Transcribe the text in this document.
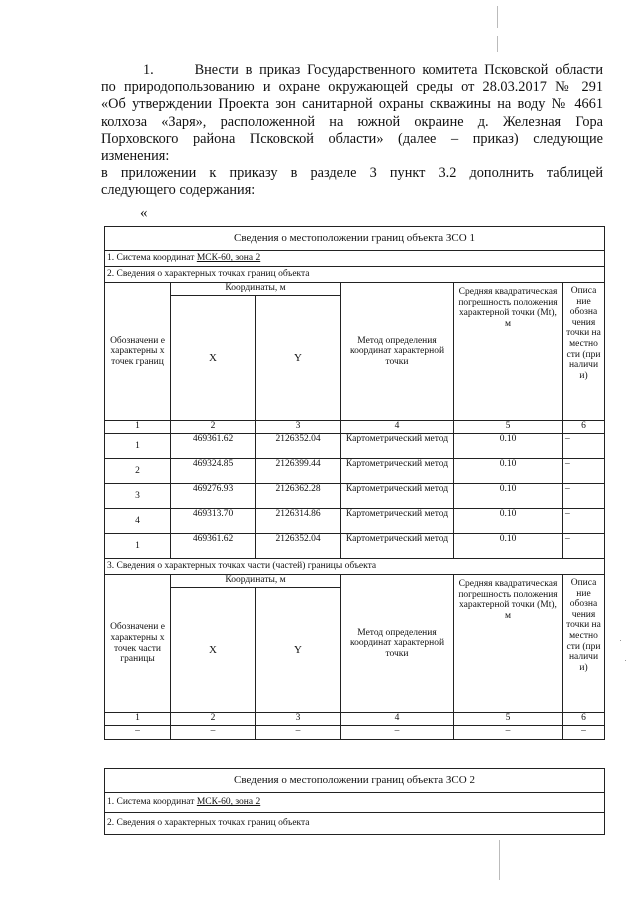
1.	Внести в приказ Государственного комитета Псковской области

по природопользованию и охране окружающей среды от 28.03.2017 № 291

«Об утверждении Проекта зон санитарной охраны скважины на воду № 4661

колхоза «Заря», расположенной на южной окраине д. Железная Гора

Порховского района Псковской области» (далее – приказ) следующие

изменения:

в приложении к приказу в разделе 3 пункт 3.2 дополнить таблицей

следующего содержания:

«
Сведения о местоположении границ объекта ЗСО 1					
1. Система координат МСК-60, зона 2					
2. Сведения о характерных точках границ объекта					
Обозначени е характерны х точек границ	Координаты, м		Метод определения координат характерной точки	Средняя квадратическая погрешность положения характерной точки (Mt), м	Описа ние обозна чения точки на местно сти (при наличи и)
	X	Y			
1	2	3	4	5	6
1	469361.62	2126352.04	Картометрический метод	0.10	–
2	469324.85	2126399.44	Картометрический метод	0.10	–
3	469276.93	2126362.28	Картометрический метод	0.10	–
4	469313.70	2126314.86	Картометрический метод	0.10	–
1	469361.62	2126352.04	Картометрический метод	0.10	–
3. Сведения о характерных точках части (частей) границы объекта					
Обозначени е характерны х точек части границы	Координаты, м		Метод определения координат характерной точки	Средняя квадратическая погрешность положения характерной точки (Mt), м	Описа ние обозна чения точки на местно сти (при наличи и)
	X	Y			
1	2	3	4	5	6
–	–	–	–	–	–
Сведения о местоположении границ объекта ЗСО 2
1. Система координат МСК-60, зона 2
2. Сведения о характерных точках границ объекта
